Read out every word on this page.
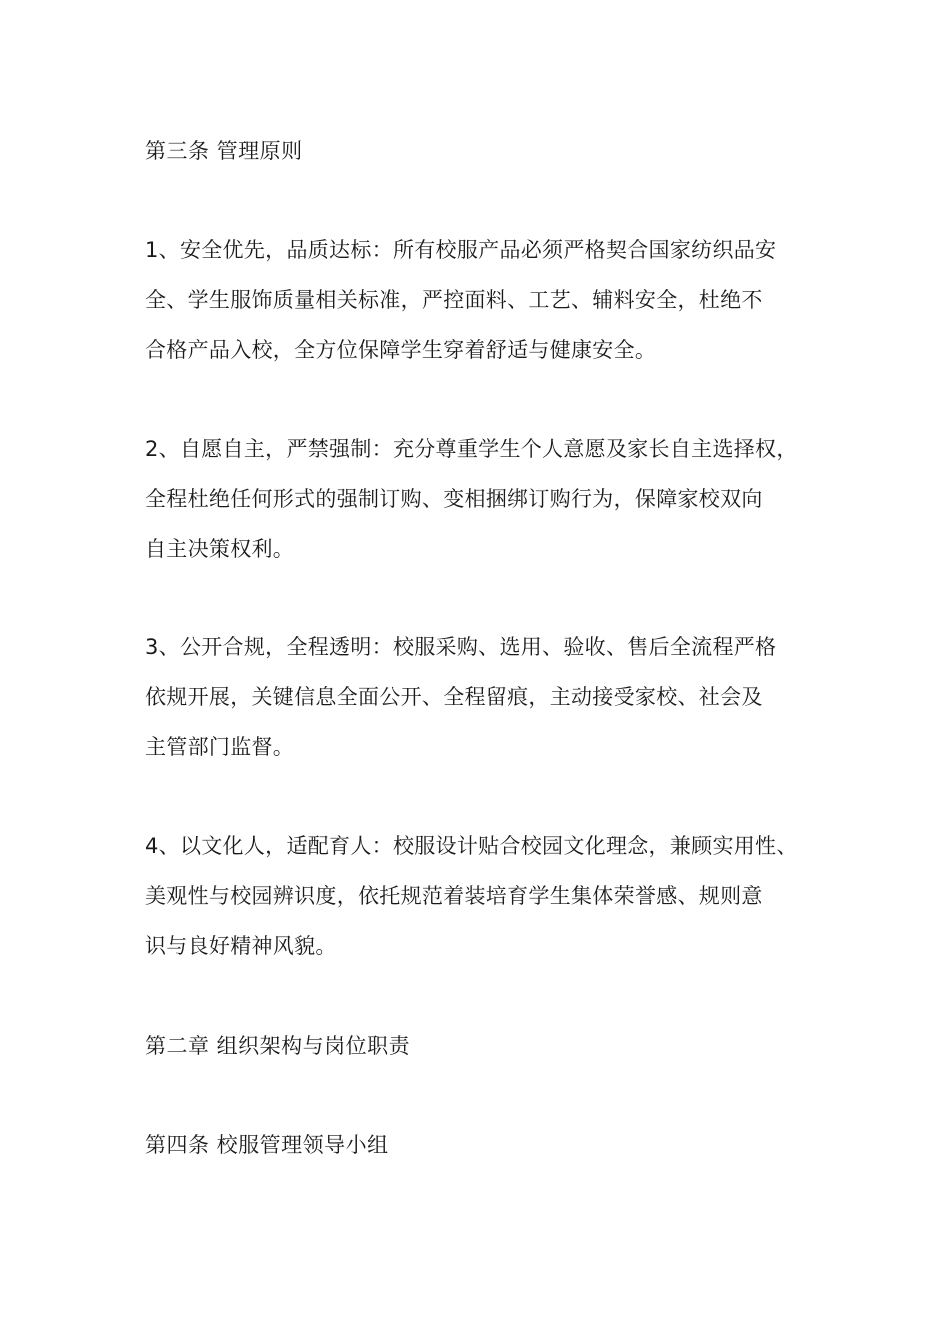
第三条 管理原则
1、安全优先，品质达标：所有校服产品必须严格契合国家纺织品安
全、学生服饰质量相关标准，严控面料、工艺、辅料安全，杜绝不
合格产品入校，全方位保障学生穿着舒适与健康安全。
2、自愿自主，严禁强制：充分尊重学生个人意愿及家长自主选择权，
全程杜绝任何形式的强制订购、变相捆绑订购行为，保障家校双向
自主决策权利。
3、公开合规，全程透明：校服采购、选用、验收、售后全流程严格
依规开展，关键信息全面公开、全程留痕，主动接受家校、社会及
主管部门监督。
4、以文化人，适配育人：校服设计贴合校园文化理念，兼顾实用性、
美观性与校园辨识度，依托规范着装培育学生集体荣誉感、规则意
识与良好精神风貌。
第二章 组织架构与岗位职责
第四条 校服管理领导小组
